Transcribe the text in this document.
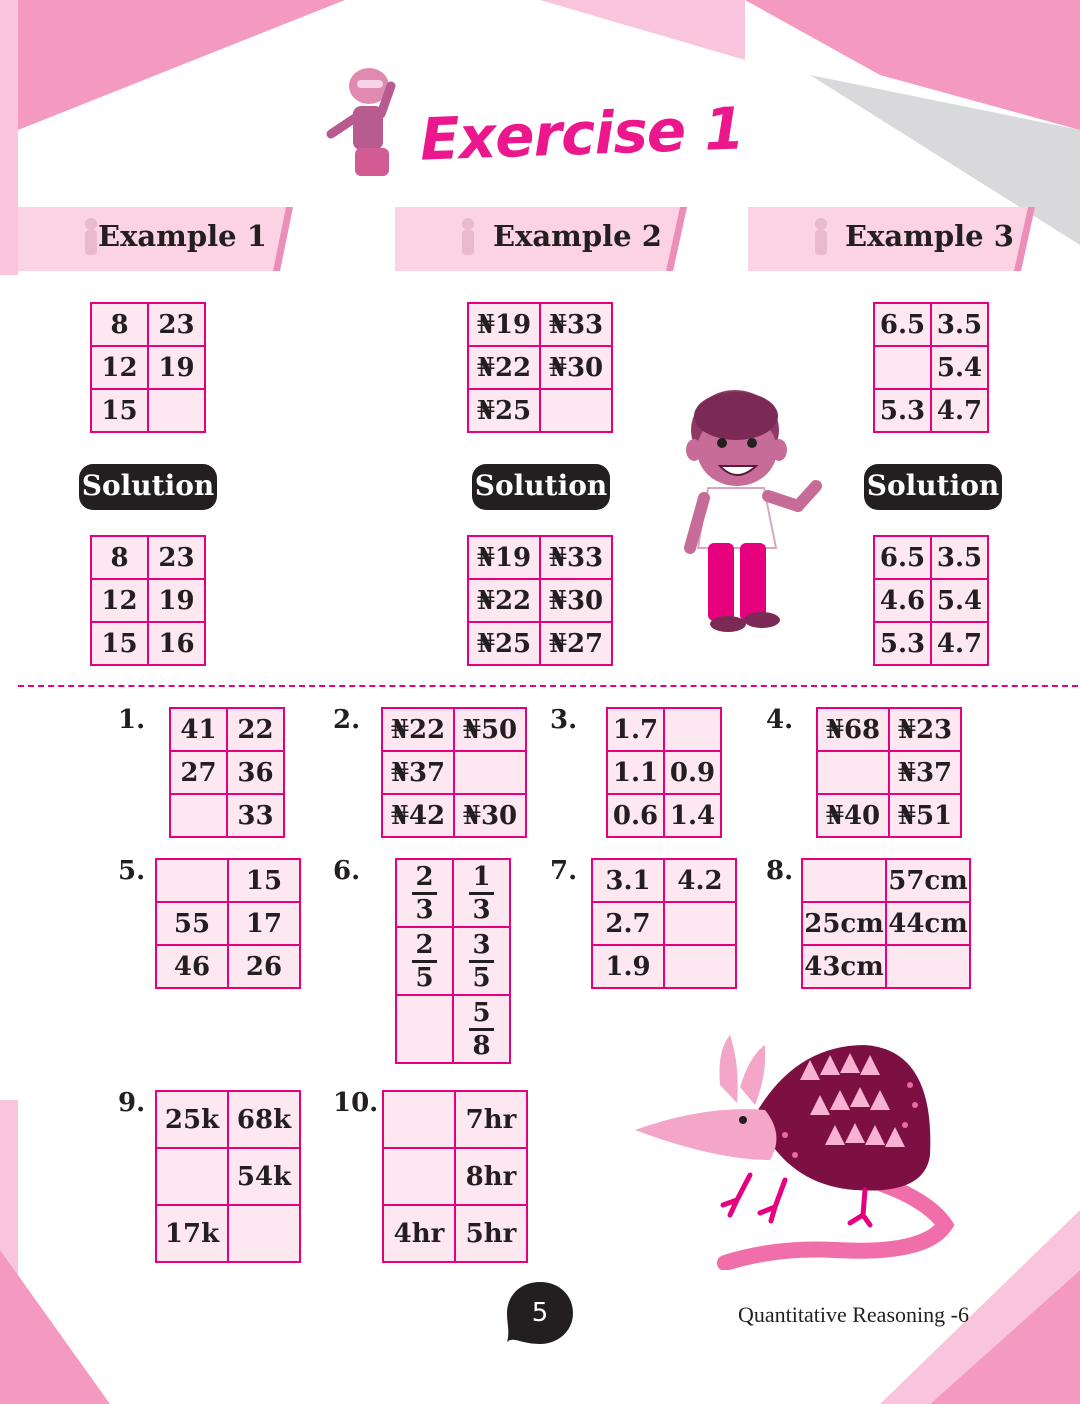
Exercise 1
Example 1	Example 2	Example 3
8	23
12	19
15	
₦19	₦33
₦22	₦30
₦25	
6.5	3.5
	5.4
5.3	4.7
Solution	Solution	Solution
8	23
12	19
15	16
₦19	₦33
₦22	₦30
₦25	₦27
6.5	3.5
4.6	5.4
5.3	4.7
1.	2.	3.	4.
5.	6.	7.	8.
9.	10.
41	22
27	36
	33
₦22	₦50
₦37	
₦42	₦30
1.7	
1.1	0.9
0.6	1.4
₦68	₦23
	₦37
₦40	₦51
	15
55	17
46	26
$\frac{2}{3}$	$\frac{1}{3}$

$\frac{2}{5}$	$\frac{3}{5}$

	$\frac{5}{8}$
3.1	4.2
2.7	
1.9	
	57cm
25cm	44cm
43cm	
25k	68k
	54k
17k	
	7hr
	8hr
4hr	5hr
5	Quantitative Reasoning -6
